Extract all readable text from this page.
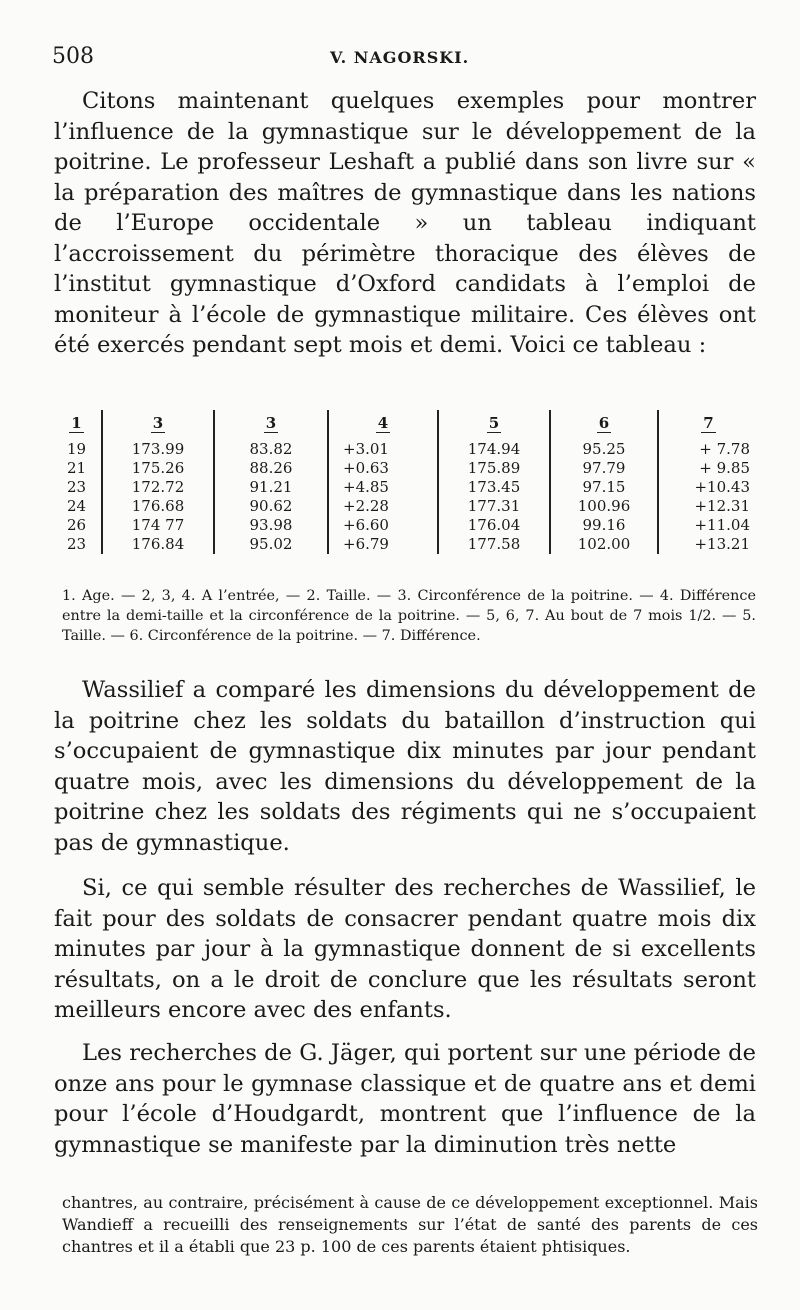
508	V. NAGORSKI.

Citons maintenant quelques exemples pour montrer l’influence de la gymnastique sur le développement de la poitrine. Le professeur Leshaft a publié dans son livre sur « la préparation des maîtres de gymnastique dans les nations de l’Europe occidentale » un tableau indiquant l’accroissement du périmètre thoracique des élèves de l’institut gymnastique d’Oxford candidats à l’emploi de moniteur à l’école de gymnastique militaire. Ces élèves ont été exercés pendant sept mois et demi. Voici ce tableau :

1	3	3	4	5	6	7
19	173.99	83.82	+3.01	174.94	95.25	+ 7.78
21	175.26	88.26	+0.63	175.89	97.79	+ 9.85
23	172.72	91.21	+4.85	173.45	97.15	+10.43
24	176.68	90.62	+2.28	177.31	100.96	+12.31
26	174 77	93.98	+6.60	176.04	99.16	+11.04
23	176.84	95.02	+6.79	177.58	102.00	+13.21

1. Age. — 2, 3, 4. A l’entrée, — 2. Taille. — 3. Circonférence de la poitrine. — 4. Différence entre la demi-taille et la circonférence de la poitrine. — 5, 6, 7. Au bout de 7 mois 1/2. — 5. Taille. — 6. Circonférence de la poitrine. — 7. Différence.

Wassilief a comparé les dimensions du développement de la poitrine chez les soldats du bataillon d’instruction qui s’occupaient de gymnastique dix minutes par jour pendant quatre mois, avec les dimensions du développement de la poitrine chez les soldats des régiments qui ne s’occupaient pas de gymnastique.

Si, ce qui semble résulter des recherches de Wassilief, le fait pour des soldats de consacrer pendant quatre mois dix minutes par jour à la gymnastique donnent de si excellents résultats, on a le droit de conclure que les résultats seront meilleurs encore avec des enfants.

Les recherches de G. Jäger, qui portent sur une période de onze ans pour le gymnase classique et de quatre ans et demi pour l’école d’Houdgardt, montrent que l’influence de la gymnastique se manifeste par la diminution très nette

chantres, au contraire, précisément à cause de ce développement exceptionnel. Mais Wandieff a recueilli des renseignements sur l’état de santé des parents de ces chantres et il a établi que 23 p. 100 de ces parents étaient phtisiques.
